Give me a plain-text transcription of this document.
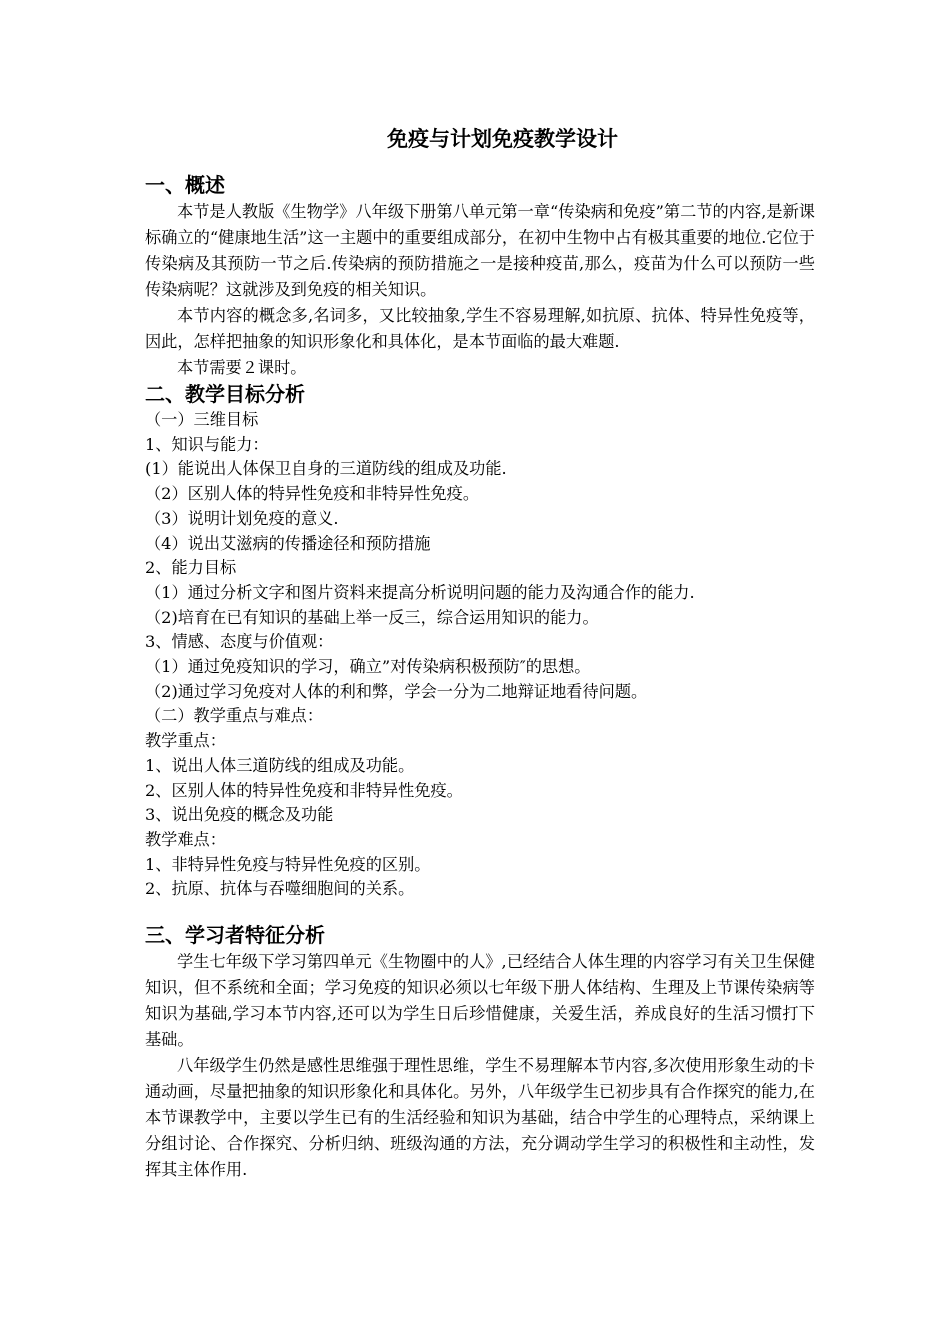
免疫与计划免疫教学设计
一、概述

本节是人教版《生物学》八年级下册第八单元第一章“传染病和免疫”第二节的内容,是新课标确立的“健康地生活”这一主题中的重要组成部分，在初中生物中占有极其重要的地位.它位于传染病及其预防一节之后.传染病的预防措施之一是接种疫苗,那么，疫苗为什么可以预防一些传染病呢？这就涉及到免疫的相关知识。

本节内容的概念多,名词多，又比较抽象,学生不容易理解,如抗原、抗体、特异性免疫等，因此，怎样把抽象的知识形象化和具体化，是本节面临的最大难题.

本节需要２课时。

二、教学目标分析

（一）三维目标

1、知识与能力：

(1）能说出人体保卫自身的三道防线的组成及功能.

（2）区别人体的特异性免疫和非特异性免疫。

（3）说明计划免疫的意义.

（4）说出艾滋病的传播途径和预防措施

2、能力目标

（1）通过分析文字和图片资料来提高分析说明问题的能力及沟通合作的能力.

（2)培育在已有知识的基础上举一反三，综合运用知识的能力。

3、情感、态度与价值观：

（1）通过免疫知识的学习，确立”对传染病积极预防″的思想。

（2)通过学习免疫对人体的利和弊，学会一分为二地辩证地看待问题。

（二）教学重点与难点：

教学重点：

1、说出人体三道防线的组成及功能。

2、区别人体的特异性免疫和非特异性免疫。

3、说出免疫的概念及功能

教学难点：

1、非特异性免疫与特异性免疫的区别。

2、抗原、抗体与吞噬细胞间的关系。

三、学习者特征分析

学生七年级下学习第四单元《生物圈中的人》,已经结合人体生理的内容学习有关卫生保健知识，但不系统和全面；学习免疫的知识必须以七年级下册人体结构、生理及上节课传染病等知识为基础,学习本节内容,还可以为学生日后珍惜健康，关爱生活，养成良好的生活习惯打下基础。

八年级学生仍然是感性思维强于理性思维，学生不易理解本节内容,多次使用形象生动的卡通动画，尽量把抽象的知识形象化和具体化。另外，八年级学生已初步具有合作探究的能力,在本节课教学中，主要以学生已有的生活经验和知识为基础，结合中学生的心理特点，采纳课上分组讨论、合作探究、分析归纳、班级沟通的方法，充分调动学生学习的积极性和主动性，发挥其主体作用.
